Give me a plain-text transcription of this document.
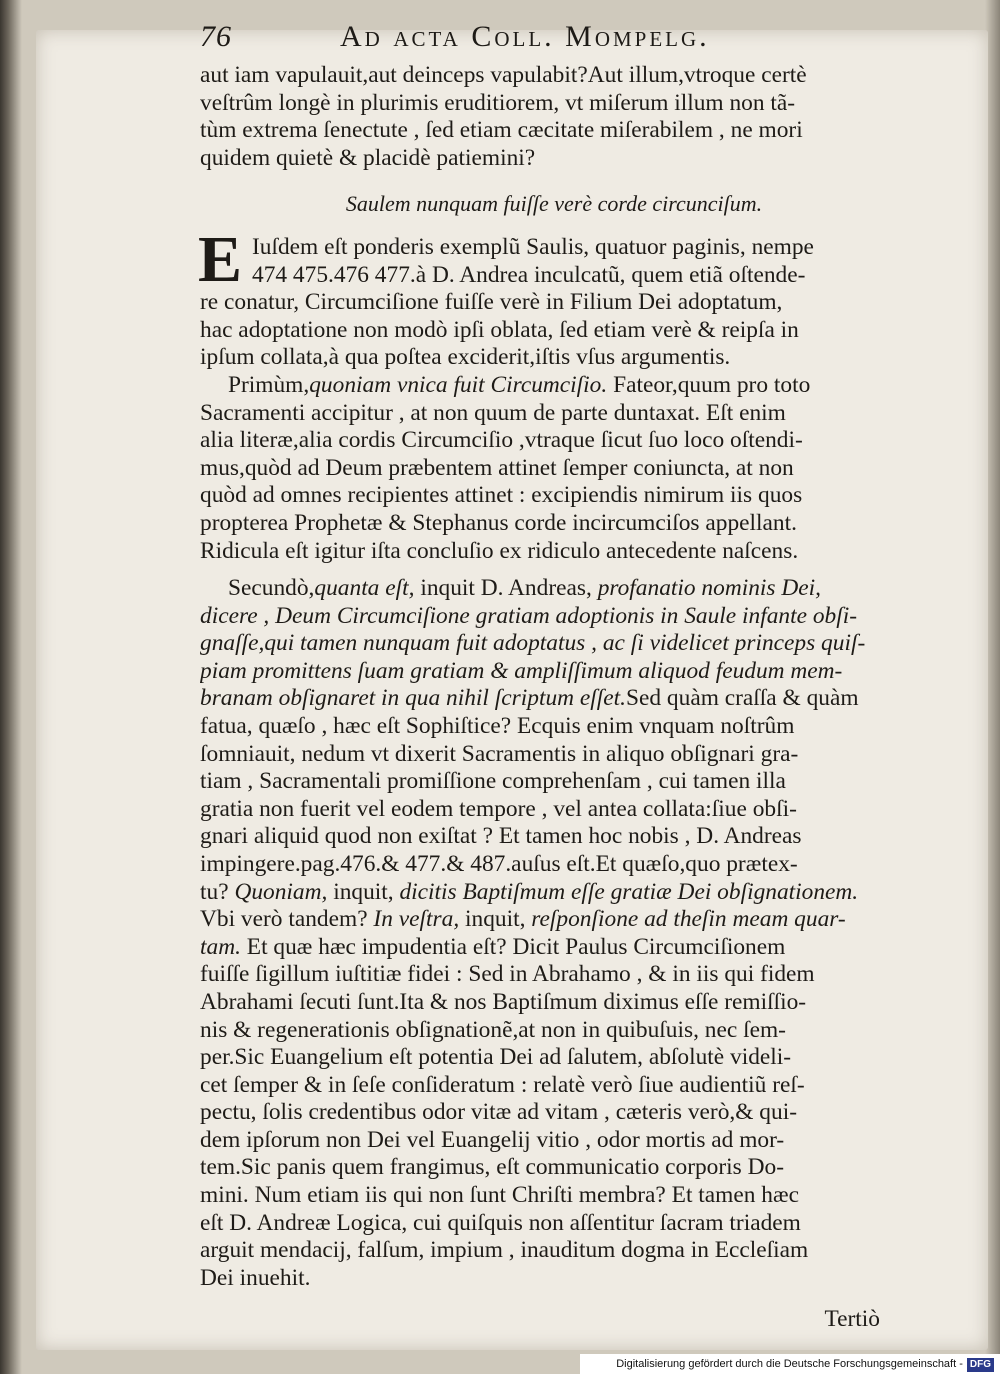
76	Ad acta Coll. Mompelg.
aut iam vapulauit,aut deinceps vapulabit?Aut illum,vtroque certè
veſtrûm longè in plurimis eruditiorem, vt miſerum illum non tã-
tùm extrema ſenectute , ſed etiam cæcitate miſerabilem , ne mori
quidem quietè & placidè patiemini?
Saulem nunquam fuiſſe verè corde circunciſum.
E Iuſdem eſt ponderis exemplũ Saulis, quatuor paginis, nempe
474 475.476 477.à D. Andrea inculcatũ, quem etiã oſtende-
re conatur, Circumciſione fuiſſe verè in Filium Dei adoptatum,
hac adoptatione non modò ipſi oblata, ſed etiam verè & reipſa in
ipſum collata,à qua poſtea exciderit,iſtis vſus argumentis.
Primùm,quoniam vnica fuit Circumciſio. Fateor,quum pro toto
Sacramenti accipitur , at non quum de parte duntaxat. Eſt enim
alia literæ,alia cordis Circumciſio ,vtraque ſicut ſuo loco oſtendi-
mus,quòd ad Deum præbentem attinet ſemper coniuncta, at non
quòd ad omnes recipientes attinet : excipiendis nimirum iis quos
propterea Prophetæ & Stephanus corde incircumciſos appellant.
Ridicula eſt igitur iſta concluſio ex ridiculo antecedente naſcens.
Secundò,quanta eſt, inquit D. Andreas, profanatio nominis Dei,
dicere , Deum Circumciſione gratiam adoptionis in Saule infante obſi-
gnaſſe,qui tamen nunquam fuit adoptatus , ac ſi videlicet princeps quiſ-
piam promittens ſuam gratiam & ampliſſimum aliquod feudum mem-
branam obſignaret in qua nihil ſcriptum eſſet.Sed quàm craſſa & quàm
fatua, quæſo , hæc eſt Sophiſtice? Ecquis enim vnquam noſtrûm
ſomniauit, nedum vt dixerit Sacramentis in aliquo obſignari gra-
tiam , Sacramentali promiſſione comprehenſam , cui tamen illa
gratia non fuerit vel eodem tempore , vel antea collata:ſiue obſi-
gnari aliquid quod non exiſtat ? Et tamen hoc nobis , D. Andreas
impingere.pag.476.& 477.& 487.auſus eſt.Et quæſo,quo prætex-
tu? Quoniam, inquit, dicitis Baptiſmum eſſe gratiæ Dei obſignationem.
Vbi verò tandem? In veſtra, inquit, reſponſione ad theſin meam quar-
tam. Et quæ hæc impudentia eſt? Dicit Paulus Circumciſionem
fuiſſe ſigillum iuſtitiæ fidei : Sed in Abrahamo , & in iis qui fidem
Abrahami ſecuti ſunt.Ita & nos Baptiſmum diximus eſſe remiſſio-
nis & regenerationis obſignationẽ,at non in quibuſuis, nec ſem-
per.Sic Euangelium eſt potentia Dei ad ſalutem, abſolutè videli-
cet ſemper & in ſeſe conſideratum : relatè verò ſiue audientiũ reſ-
pectu, ſolis credentibus odor vitæ ad vitam , cæteris verò,& qui-
dem ipſorum non Dei vel Euangelij vitio , odor mortis ad mor-
tem.Sic panis quem frangimus, eſt communicatio corporis Do-
mini. Num etiam iis qui non ſunt Chriſti membra? Et tamen hæc
eſt D. Andreæ Logica, cui quiſquis non aſſentitur ſacram triadem
arguit mendacij, falſum, impium , inauditum dogma in Eccleſiam
Dei inuehit.
Tertiò
Digitalisierung gefördert durch die Deutsche Forschungsgemeinschaft - DFG
